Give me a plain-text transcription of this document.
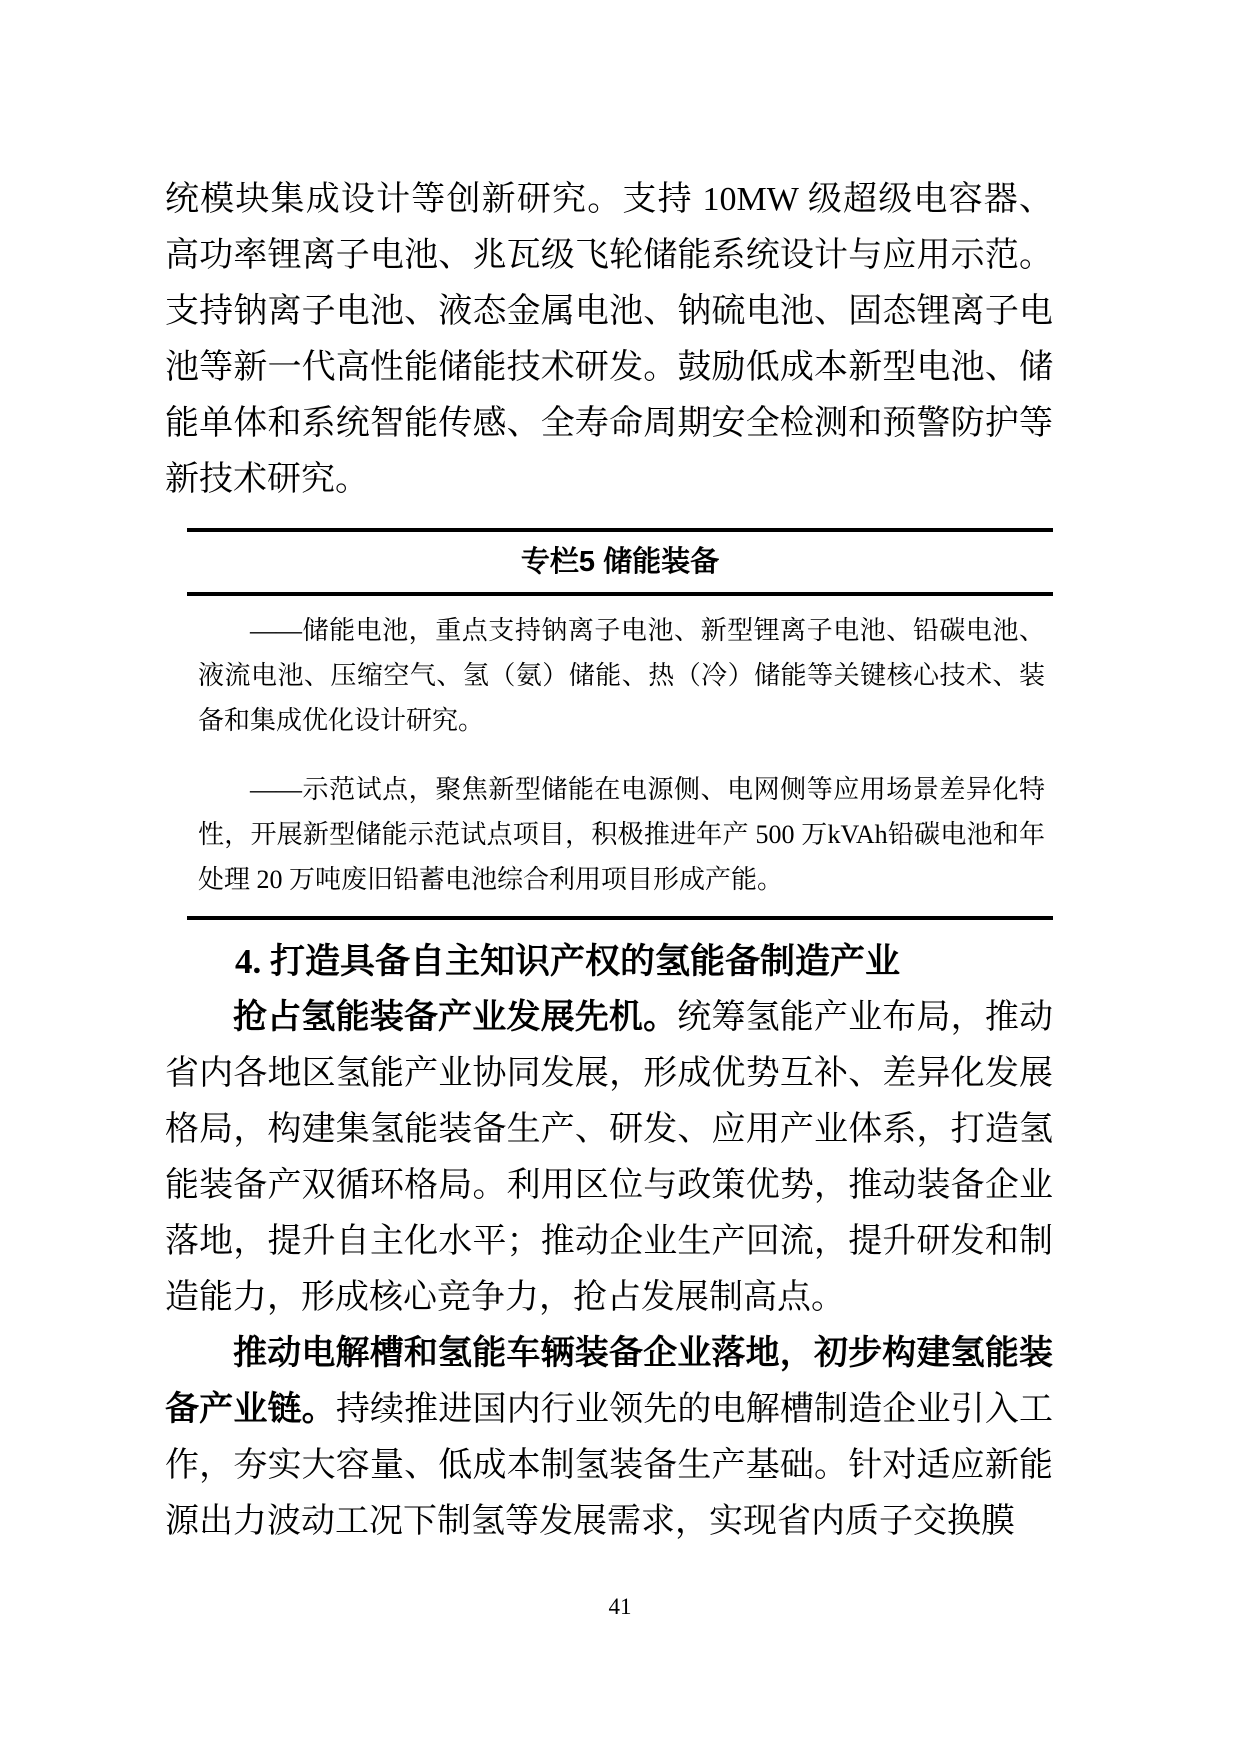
统模块集成设计等创新研究。支持 10MW 级超级电容器、高功率锂离子电池、兆瓦级飞轮储能系统设计与应用示范。支持钠离子电池、液态金属电池、钠硫电池、固态锂离子电池等新一代高性能储能技术研发。鼓励低成本新型电池、储能单体和系统智能传感、全寿命周期安全检测和预警防护等新技术研究。

专栏5 储能装备

——储能电池，重点支持钠离子电池、新型锂离子电池、铅碳电池、液流电池、压缩空气、氢（氨）储能、热（冷）储能等关键核心技术、装备和集成优化设计研究。

——示范试点，聚焦新型储能在电源侧、电网侧等应用场景差异化特性，开展新型储能示范试点项目，积极推进年产 500 万kVAh铅碳电池和年处理 20 万吨废旧铅蓄电池综合利用项目形成产能。

4. 打造具备自主知识产权的氢能备制造产业

抢占氢能装备产业发展先机。统筹氢能产业布局，推动省内各地区氢能产业协同发展，形成优势互补、差异化发展格局，构建集氢能装备生产、研发、应用产业体系，打造氢能装备产双循环格局。利用区位与政策优势，推动装备企业落地，提升自主化水平；推动企业生产回流，提升研发和制造能力，形成核心竞争力，抢占发展制高点。

推动电解槽和氢能车辆装备企业落地，初步构建氢能装备产业链。持续推进国内行业领先的电解槽制造企业引入工作，夯实大容量、低成本制氢装备生产基础。针对适应新能源出力波动工况下制氢等发展需求，实现省内质子交换膜

41
